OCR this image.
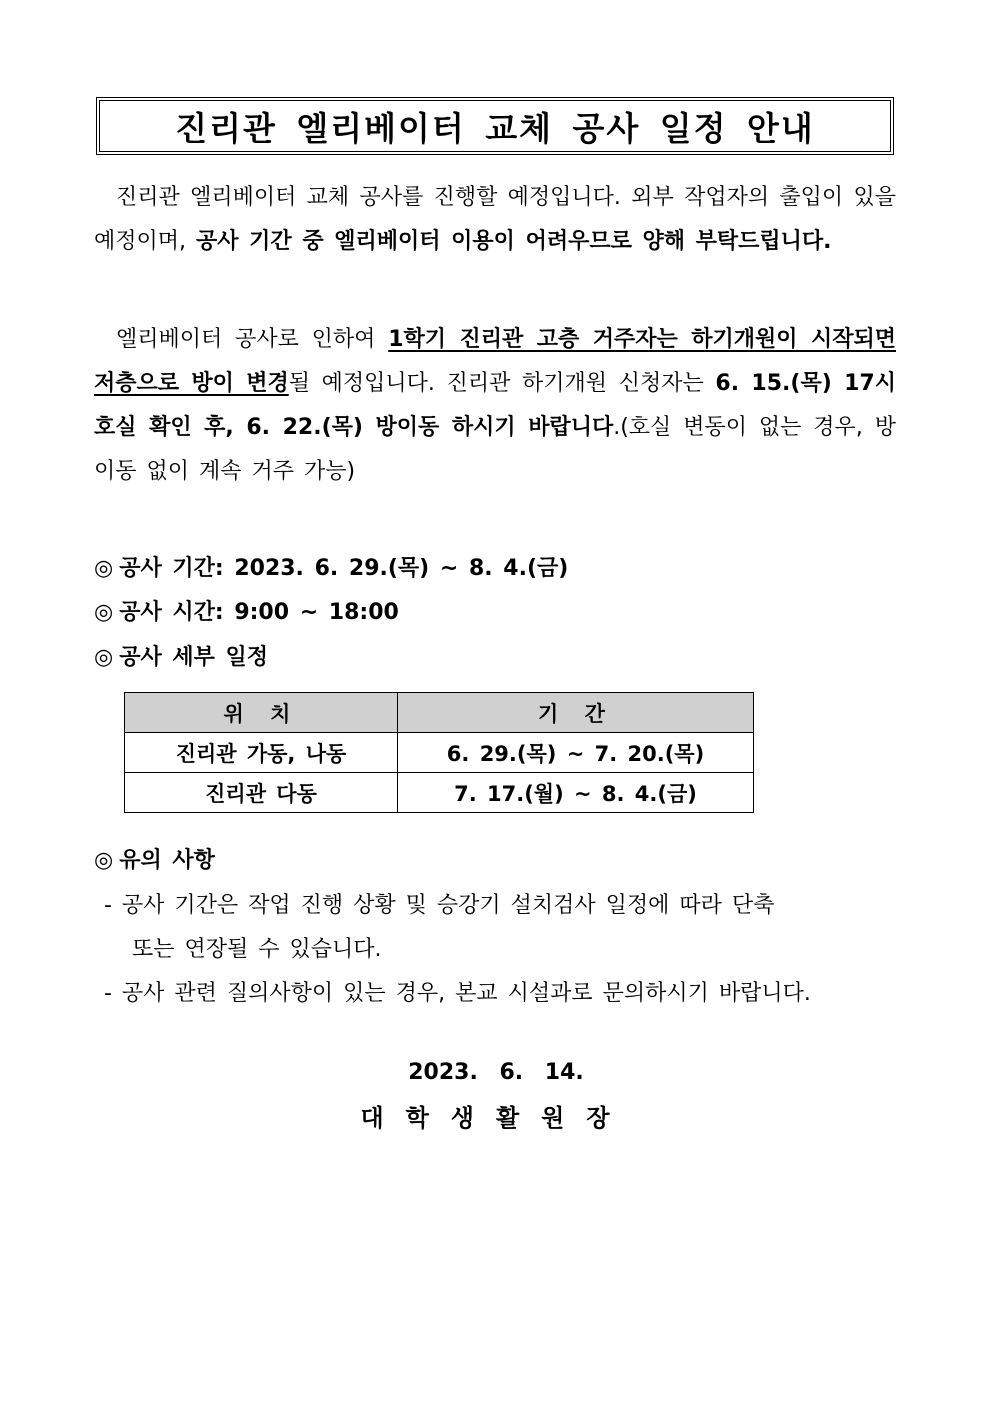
진리관 엘리베이터 교체 공사 일정 안내
진리관 엘리베이터 교체 공사를 진행할 예정입니다. 외부 작업자의 출입이 있을 예정이며, 공사 기간 중 엘리베이터 이용이 어려우므로 양해 부탁드립니다.
엘리베이터 공사로 인하여 1학기 진리관 고층 거주자는 하기개원이 시작되면 저층으로 방이 변경될 예정입니다. 진리관 하기개원 신청자는 6. 15.(목) 17시 호실 확인 후, 6. 22.(목) 방이동 하시기 바랍니다.(호실 변동이 없는 경우, 방이동 없이 계속 거주 가능)
◎ 공사 기간: 2023. 6. 29.(목) ~ 8. 4.(금)
◎ 공사 시간: 9:00 ~ 18:00
◎ 공사 세부 일정
위 치	기 간
진리관 가동, 나동	6. 29.(목) ~ 7. 20.(목)
진리관 다동	7. 17.(월) ~ 8. 4.(금)
◎ 유의 사항
- 공사 기간은 작업 진행 상황 및 승강기 설치검사 일정에 따라 단축
또는 연장될 수 있습니다.
- 공사 관련 질의사항이 있는 경우, 본교 시설과로 문의하시기 바랍니다.
2023. 6. 14.
대학생활원장
